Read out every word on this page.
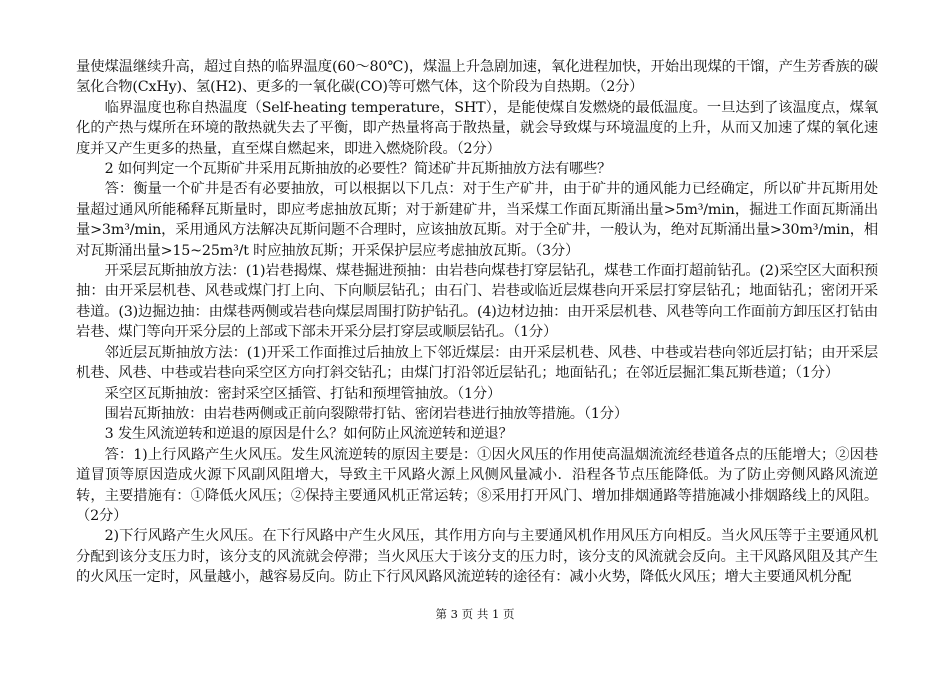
量使煤温继续升高，超过自热的临界温度(60～80℃)，煤温上升急剧加速，氧化进程加快，开始出现煤的干馏，产生芳香族的碳氢化合物(CxHy)、氢(H2)、更多的一氧化碳(CO)等可燃气体，这个阶段为自热期。（2分）

临界温度也称自热温度（Self-heating temperature，SHT），是能使煤自发燃烧的最低温度。一旦达到了该温度点，煤氧化的产热与煤所在环境的散热就失去了平衡，即产热量将高于散热量，就会导致煤与环境温度的上升，从而又加速了煤的氧化速度并又产生更多的热量，直至煤自燃起来，即进入燃烧阶段。（2分）

2 如何判定一个瓦斯矿井采用瓦斯抽放的必要性？简述矿井瓦斯抽放方法有哪些？

答：衡量一个矿井是否有必要抽放，可以根据以下几点：对于生产矿井，由于矿井的通风能力已经确定，所以矿井瓦斯用处量超过通风所能稀释瓦斯量时，即应考虑抽放瓦斯；对于新建矿井，当采煤工作面瓦斯涌出量>5m³/min，掘进工作面瓦斯涌出量>3m³/min，采用通风方法解决瓦斯问题不合理时，应该抽放瓦斯。对于全矿井，一般认为，绝对瓦斯涌出量>30m³/min，相对瓦斯涌出量>15~25m³/t 时应抽放瓦斯；开采保护层应考虑抽放瓦斯。（3分）

开采层瓦斯抽放方法：(1)岩巷揭煤、煤巷掘进预抽：由岩巷向煤巷打穿层钻孔，煤巷工作面打超前钻孔。(2)采空区大面积预抽：由开采层机巷、风巷或煤门打上向、下向顺层钻孔；由石门、岩巷或临近层煤巷向开采层打穿层钻孔；地面钻孔；密闭开采巷道。(3)边掘边抽：由煤巷两侧或岩巷向煤层周围打防护钻孔。(4)边材边抽：由开采层机巷、风巷等向工作面前方卸压区打钻由岩巷、煤门等向开采分层的上部或下部未开采分层打穿层或顺层钻孔。（1分）

邻近层瓦斯抽放方法：(1)开采工作面推过后抽放上下邻近煤层：由开采层机巷、风巷、中巷或岩巷向邻近层打钻；由开采层机巷、风巷、中巷或岩巷向采空区方向打斜交钻孔；由煤门打沿邻近层钻孔；地面钻孔；在邻近层掘汇集瓦斯巷道；（1分）

采空区瓦斯抽放：密封采空区插管、打钻和预埋管抽放。（1分）

围岩瓦斯抽放：由岩巷两侧或正前向裂隙带打钻、密闭岩巷进行抽放等措施。（1分）

3 发生风流逆转和逆退的原因是什么？如何防止风流逆转和逆退？

答：1)上行风路产生火风压。发生风流逆转的原因主要是：①因火风压的作用使高温烟流流经巷道各点的压能增大；②因巷道冒顶等原因造成火源下风副风阻增大，导致主干风路火源上风侧风量减小．沿程各节点压能降低。为了防止旁侧风路风流逆转，主要措施有：①降低火风压；②保持主要通风机正常运转；⑧采用打开风门、增加排烟通路等措施减小排烟路线上的风阻。（2分）

2)下行风路产生火风压。在下行风路中产生火风压，其作用方向与主要通风机作用风压方向相反。当火风压等于主要通风机分配到该分支压力时，该分支的风流就会停滞；当火风压大于该分支的压力时，该分支的风流就会反向。主干风路风阻及其产生的火风压一定时，风量越小，越容易反向。防止下行风风路风流逆转的途径有：减小火势，降低火风压；增大主要通风机分配

第 3 页 共 1 页
